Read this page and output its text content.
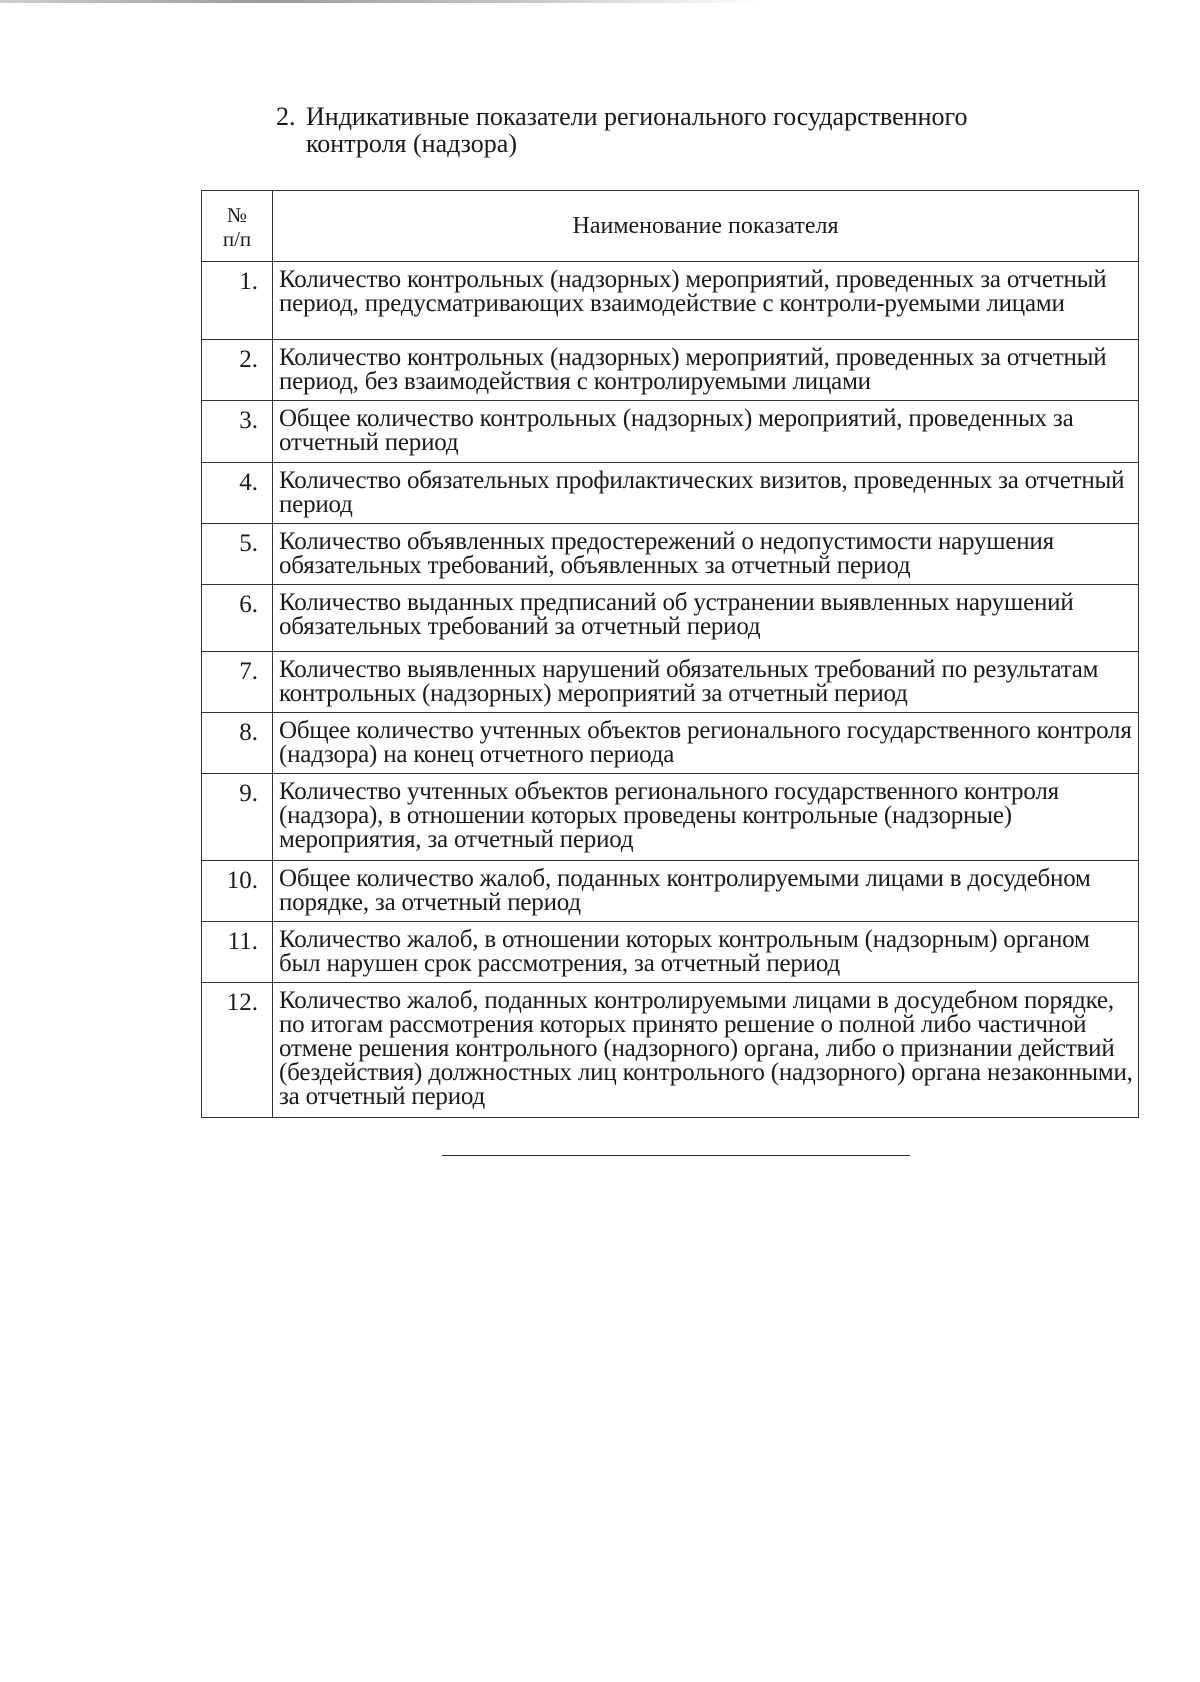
2. Индикативные показатели регионального государственного
контроля (надзора)
№
п/п	Наименование показателя
1.	Количество контрольных (надзорных) мероприятий, проведенных за отчетный период, предусматривающих взаимодействие с контроли-руемыми лицами
2.	Количество контрольных (надзорных) мероприятий, проведенных за отчетный период, без взаимодействия с контролируемыми лицами
3.	Общее количество контрольных (надзорных) мероприятий, проведенных за отчетный период
4.	Количество обязательных профилактических визитов, проведенных за отчетный период
5.	Количество объявленных предостережений о недопустимости нарушения обязательных требований, объявленных за отчетный период
6.	Количество выданных предписаний об устранении выявленных нарушений обязательных требований за отчетный период
7.	Количество выявленных нарушений обязательных требований по результатам контрольных (надзорных) мероприятий за отчетный период
8.	Общее количество учтенных объектов регионального государственного контроля (надзора) на конец отчетного периода
9.	Количество учтенных объектов регионального государственного контроля (надзора), в отношении которых проведены контрольные (надзорные) мероприятия, за отчетный период
10.	Общее количество жалоб, поданных контролируемыми лицами в досудебном порядке, за отчетный период
11.	Количество жалоб, в отношении которых контрольным (надзорным) органом был нарушен срок рассмотрения, за отчетный период
12.	Количество жалоб, поданных контролируемыми лицами в досудебном порядке, по итогам рассмотрения которых принято решение о полной либо частичной отмене решения контрольного (надзорного) органа, либо о признании действий (бездействия) должностных лиц контрольного (надзорного) органа незаконными, за отчетный период
